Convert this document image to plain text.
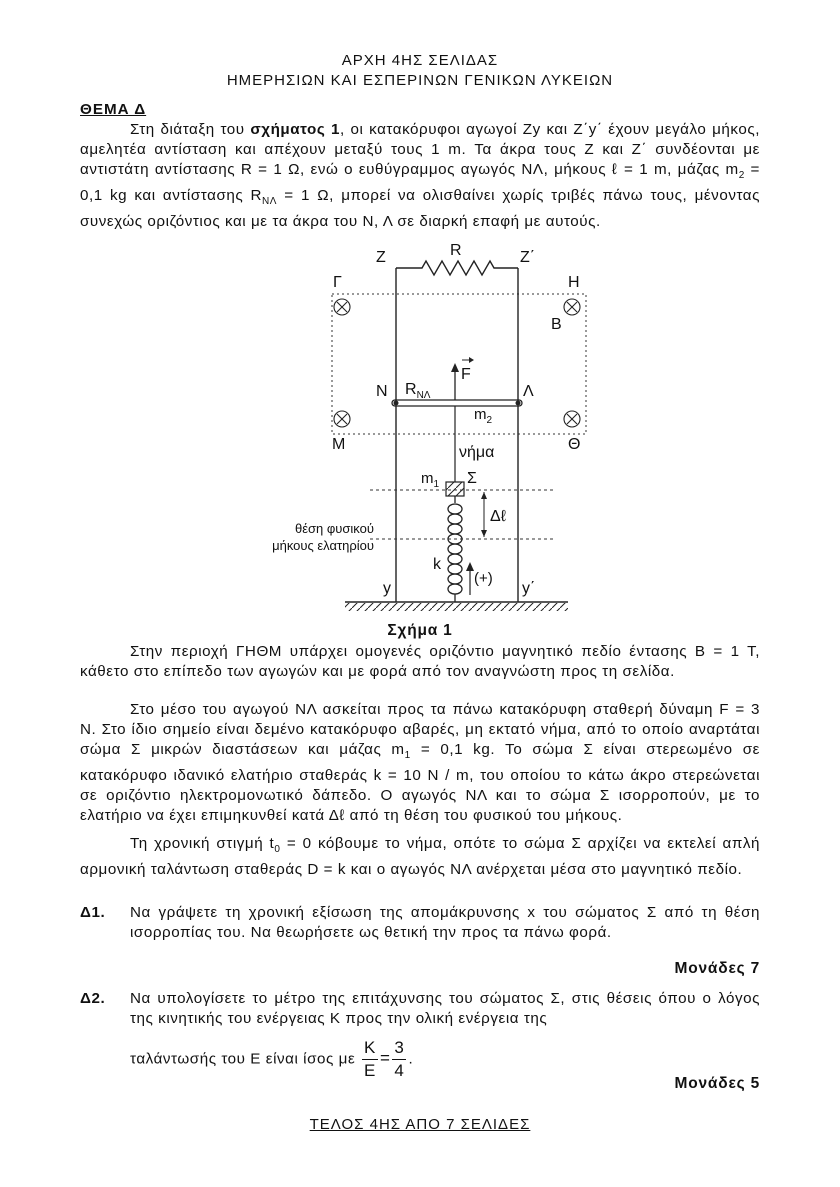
ΑΡΧΗ 4ΗΣ ΣΕΛΙΔΑΣ
ΗΜΕΡΗΣΙΩΝ ΚΑΙ ΕΣΠΕΡΙΝΩΝ ΓΕΝΙΚΩΝ ΛΥΚΕΙΩΝ
ΘΕΜΑ Δ
Στη διάταξη του σχήματος 1, οι κατακόρυφοι αγωγοί Ζy και Ζ΄y΄ έχουν μεγάλο μήκος, αμελητέα αντίσταση και απέχουν μεταξύ τους 1 m. Τα άκρα τους Ζ και Ζ΄ συνδέονται με αντιστάτη αντίστασης R = 1 Ω, ενώ ο ευθύγραμμος αγωγός ΝΛ, μήκους ℓ = 1 m, μάζας $m_2 = 0,1$ kg και αντίστασης $R_{N\Lambda} = 1$ Ω, μπορεί να ολισθαίνει χωρίς τριβές πάνω τους, μένοντας συνεχώς οριζόντιος και με τα άκρα του Ν, Λ σε διαρκή επαφή με αυτούς.
Ζ	R	Ζ΄
Γ	Η
Β
Ν $R_{N\Lambda}$
F
Λ
$m_2$
Μ	Θ
νήμα
$m_1$ Σ
Δℓ
θέση φυσικού
μήκους ελατηρίου
k
(+)
y	y΄
Σχήμα 1
Στην περιοχή ΓΗΘΜ υπάρχει ομογενές οριζόντιο μαγνητικό πεδίο έντασης Β = 1 Τ, κάθετο στο επίπεδο των αγωγών και με φορά από τον αναγνώστη προς τη σελίδα.
Στο μέσο του αγωγού ΝΛ ασκείται προς τα πάνω κατακόρυφη σταθερή δύναμη F = 3 N. Στο ίδιο σημείο είναι δεμένο κατακόρυφο αβαρές, μη εκτατό νήμα, από το οποίο αναρτάται σώμα Σ μικρών διαστάσεων και μάζας $m_1 = 0,1$ kg. Το σώμα Σ είναι στερεωμένο σε κατακόρυφο ιδανικό ελατήριο σταθεράς k = 10 N / m, του οποίου το κάτω άκρο στερεώνεται σε οριζόντιο ηλεκτρομονωτικό δάπεδο. Ο αγωγός ΝΛ και το σώμα Σ ισορροπούν, με το ελατήριο να έχει επιμηκυνθεί κατά Δℓ από τη θέση του φυσικού του μήκους.
Τη χρονική στιγμή $t_0 = 0$ κόβουμε το νήμα, οπότε το σώμα Σ αρχίζει να εκτελεί απλή αρμονική ταλάντωση σταθεράς D = k και ο αγωγός ΝΛ ανέρχεται μέσα στο μαγνητικό πεδίο.
Δ1. Να γράψετε τη χρονική εξίσωση της απομάκρυνσης x του σώματος Σ από τη θέση ισορροπίας του. Να θεωρήσετε ως θετική την προς τα πάνω φορά.
Μονάδες 7
Δ2. Να υπολογίσετε το μέτρο της επιτάχυνσης του σώματος Σ, στις θέσεις όπου ο λόγος της κινητικής του ενέργειας Κ προς την ολική ενέργεια της
ταλάντωσής του Ε είναι ίσος με $\frac{K}{E} = \frac{3}{4}$ .
Μονάδες 5
ΤΕΛΟΣ 4ΗΣ ΑΠΟ 7 ΣΕΛΙΔΕΣ
